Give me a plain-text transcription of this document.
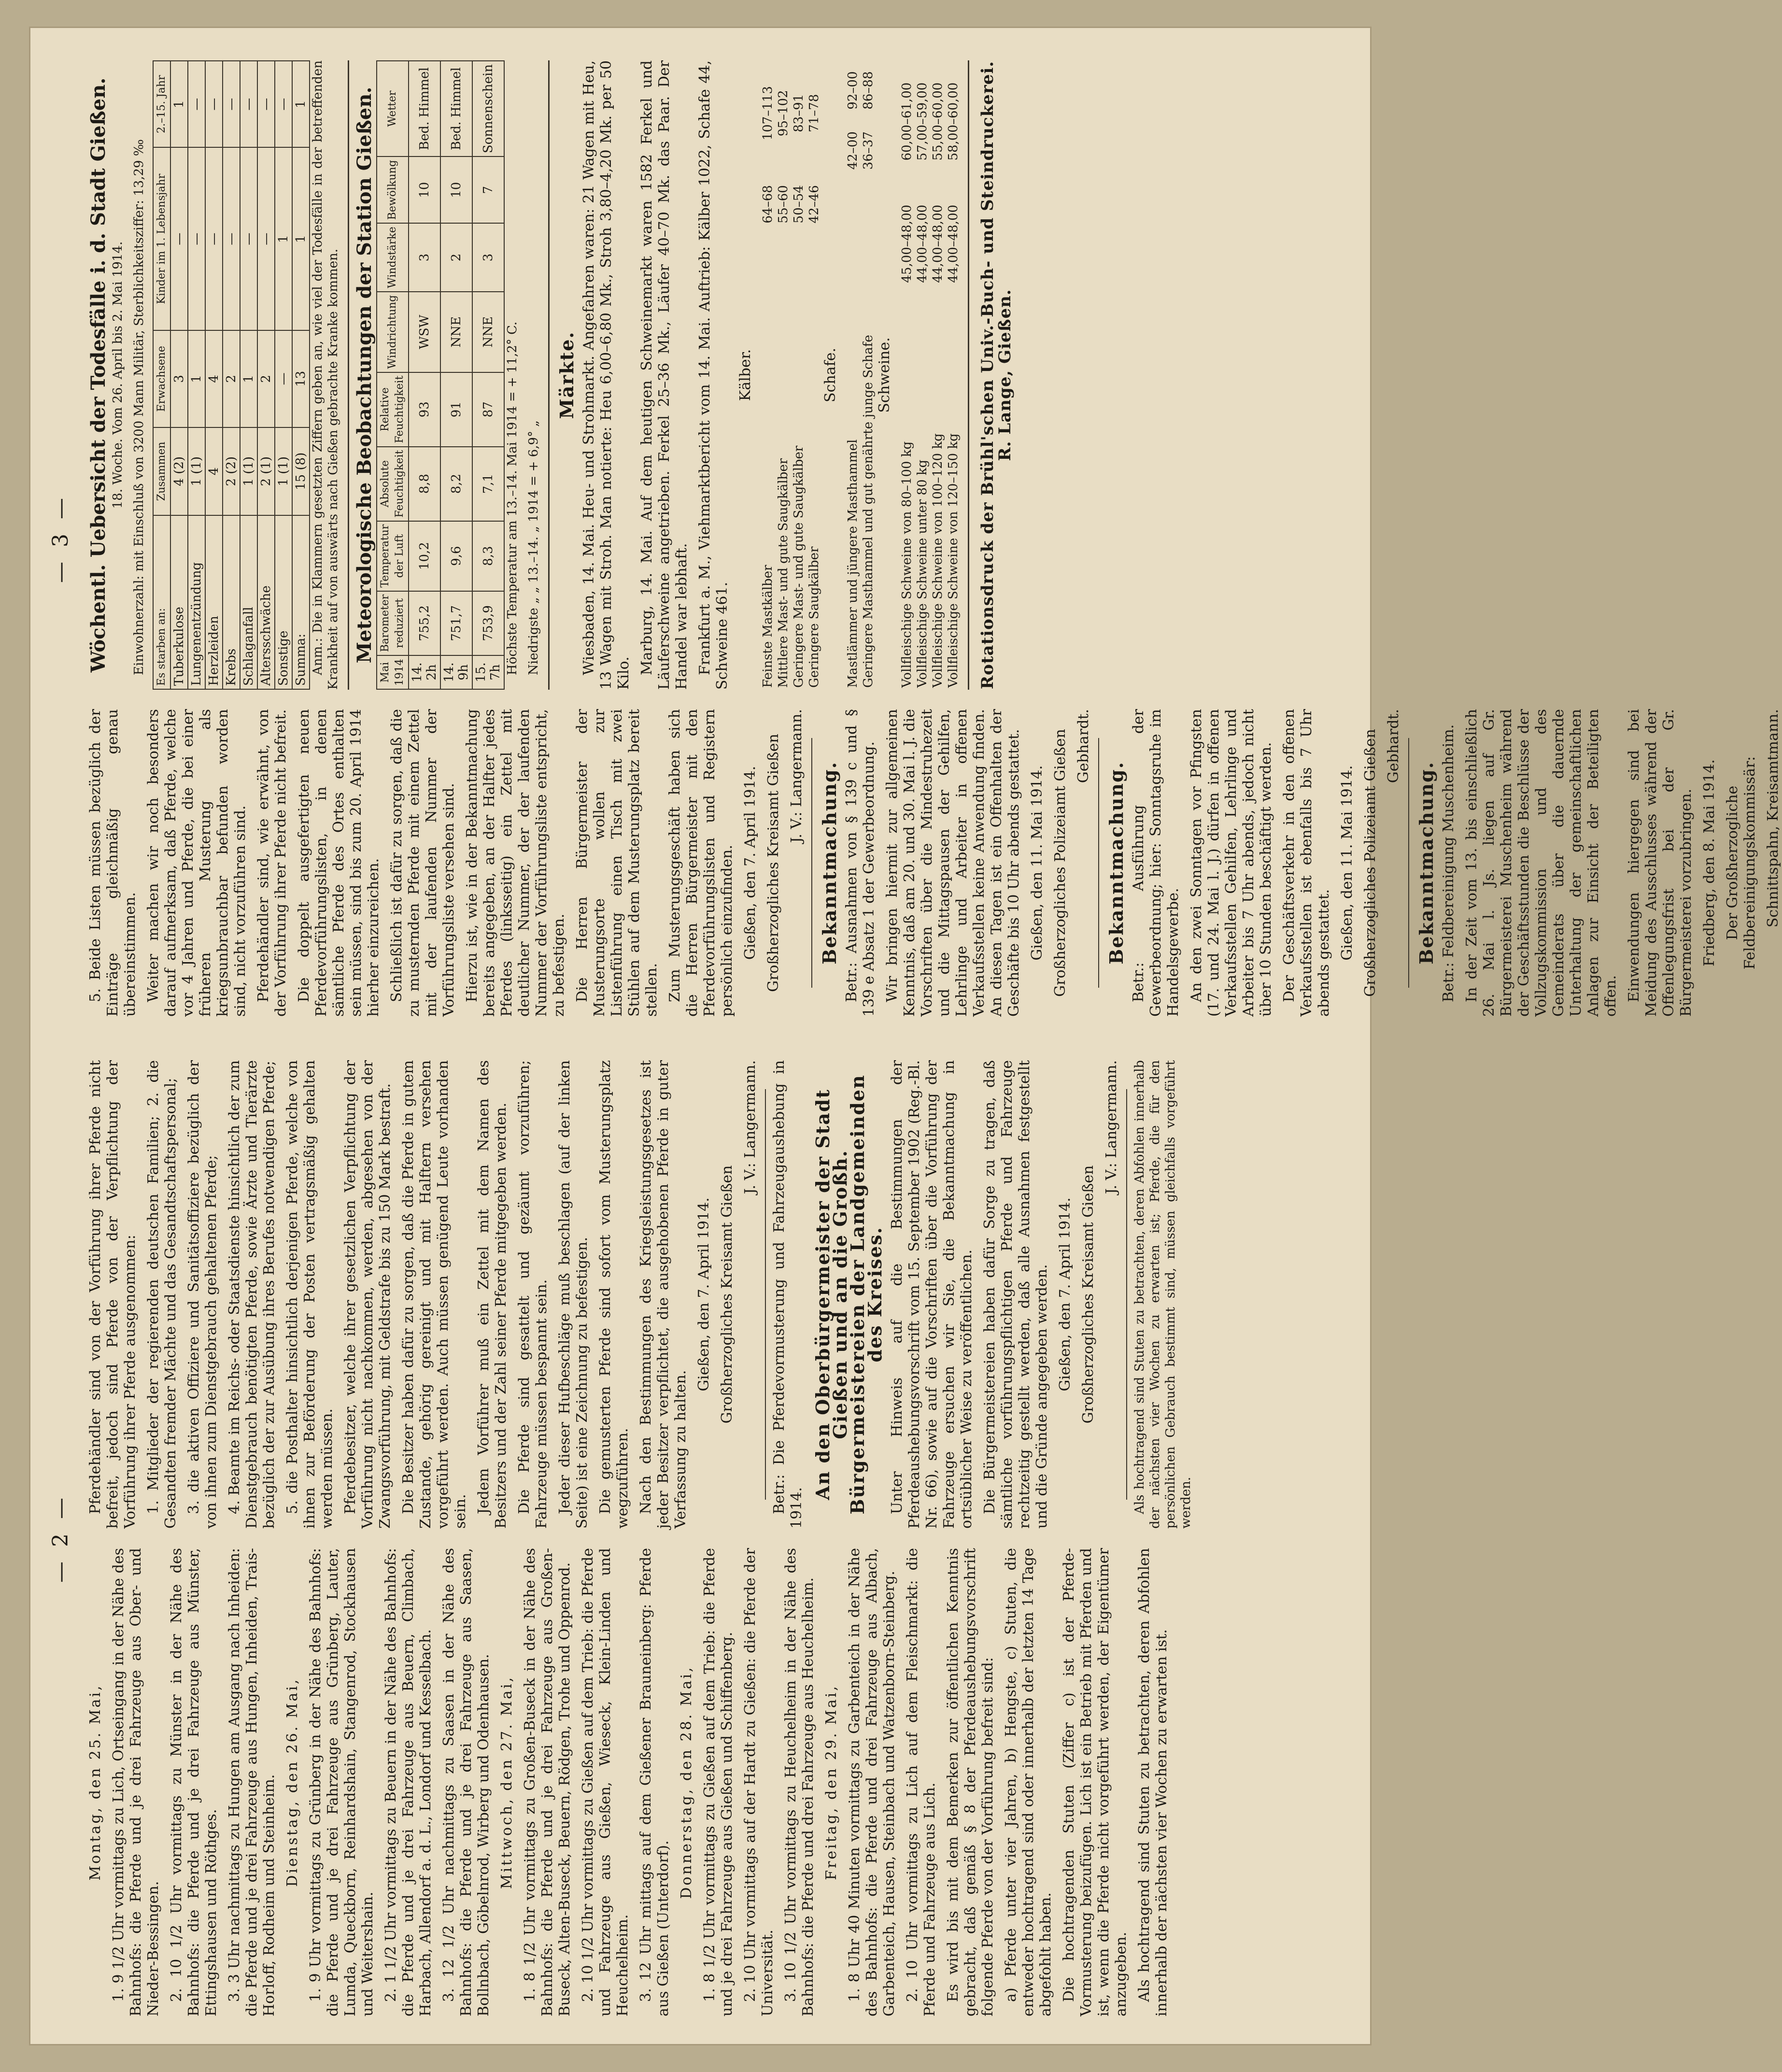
— 2 —

Montag, den 25. Mai, 1. 9 1/2 Uhr vormittags zu Lich, Ortseingang in der Nähe des Bahnhofs: die Pferde und je drei Fahrzeuge aus Ober- und Nieder-Bessingen. 2. 10 1/2 Uhr vormittags zu Münster in der Nähe des Bahnhofs: die Pferde und je drei Fahrzeuge aus Münster, Ettingshausen und Röthges. 3. 3 Uhr nachmittags zu Hungen am Ausgang nach Inheiden: die Pferde und je drei Fahrzeuge aus Hungen, Inheiden, Trais-Horloff, Rodheim und Steinheim. Dienstag, den 26. Mai, 1. 9 Uhr vormittags zu Grünberg in der Nähe des Bahnhofs: die Pferde und je drei Fahrzeuge aus Grünberg, Lauter, Lumda, Queckborn, Reinhardshain, Stangenrod, Stockhausen und Weitershain. 2. 1 1/2 Uhr vormittags zu Beuern in der Nähe des Bahnhofs: die Pferde und je drei Fahrzeuge aus Beuern, Climbach, Harbach, Allendorf a. d. L., Londorf und Kesselbach. 3. 12 1/2 Uhr nachmittags zu Saasen in der Nähe des Bahnhofs: die Pferde und je drei Fahrzeuge aus Saasen, Bollnbach, Göbelnrod, Wirberg und Odenhausen. Mittwoch, den 27. Mai, 1. 8 1/2 Uhr vormittags zu Großen-Buseck in der Nähe des Bahnhofs: die Pferde und je drei Fahrzeuge aus Großen-Buseck, Alten-Buseck, Beuern, Rödgen, Trohe und Oppenrod. 2. 10 1/2 Uhr vormittags zu Gießen auf dem Trieb: die Pferde und Fahrzeuge aus Gießen, Wieseck, Klein-Linden und Heuchelheim. 3. 12 Uhr mittags auf dem Gießener Brauneinberg: Pferde aus Gießen (Unterdorf).

Donnerstag, den 28. Mai, 1. 8 1/2 Uhr vormittags zu Gießen auf dem Trieb: die Pferde und je drei Fahrzeuge aus Gießen und Schiffenberg. 2. 10 Uhr vormittags auf der Hardt zu Gießen: die Pferde der Universität. 3. 10 1/2 Uhr vormittags zu Heuchelheim in der Nähe des Bahnhofs: die Pferde und drei Fahrzeuge aus Heuchelheim. Freitag, den 29. Mai, 1. 8 Uhr 40 Minuten vormittags zu Garbenteich in der Nähe des Bahnhofs: die Pferde und drei Fahrzeuge aus Albach, Garbenteich, Hausen, Steinbach und Watzenborn-Steinberg. 2. 10 Uhr vormittags zu Lich auf dem Fleischmarkt: die Pferde und Fahrzeuge aus Lich. Es wird bis mit dem Bemerken zur öffentlichen Kenntnis gebracht, daß gemäß § 8 der Pferdeaushebungsvorschrift folgende Pferde von der Vorführung befreit sind: a) Pferde unter vier Jahren, b) Hengste, c) Stuten, die entweder hochtragend sind oder innerhalb der letzten 14 Tage abgefohlt haben. Die hochtragenden Stuten (Ziffer c) ist der Pferde-Vormusterung beizufügen. Lich ist ein Betrieb mit Pferden und ist, wenn die Pferde nicht vorgeführt werden, der Eigentümer anzugeben. Als hochtragend sind Stuten zu betrachten, deren Abfohlen innerhalb der nächsten vier Wochen zu erwarten ist.

Pferdehändler sind von der Vorführung ihrer Pferde nicht befreit, jedoch sind Pferde von der Verpflichtung der Vorführung ihrer Pferde ausgenommen: 1. Mitglieder der regierenden deutschen Familien; 2. die Gesandten fremder Mächte und das Gesandtschaftspersonal; 3. die aktiven Offiziere und Sanitätsoffiziere bezüglich der von ihnen zum Dienstgebrauch gehaltenen Pferde; 4. Beamte im Reichs- oder Staatsdienste hinsichtlich der zum Dienstgebrauch benötigten Pferde, sowie Ärzte und Tierärzte bezüglich der zur Ausübung ihres Berufes notwendigen Pferde; 5. die Posthalter hinsichtlich derjenigen Pferde, welche von ihnen zur Beförderung der Posten vertragsmäßig gehalten werden müssen. Pferdebesitzer, welche ihrer gesetzlichen Verpflichtung der Vorführung nicht nachkommen, werden, abgesehen von der Zwangsvorführung, mit Geldstrafe bis zu 150 Mark bestraft. Die Besitzer haben dafür zu sorgen, daß die Pferde in gutem Zustande, gehörig gereinigt und mit Halftern versehen vorgeführt werden. Auch müssen genügend Leute vorhanden sein. Jedem Vorführer muß ein Zettel mit dem Namen des Besitzers und der Zahl seiner Pferde mitgegeben werden. Die Pferde sind gesattelt und gezäumt vorzuführen; Fahrzeuge müssen bespannt sein. Jeder dieser Hufbeschläge muß beschlagen (auf der linken Seite) ist eine Zeichnung zu befestigen. Die gemusterten Pferde sind sofort vom Musterungsplatz wegzuführen. Nach den Bestimmungen des Kriegsleistungsgesetzes ist jeder Besitzer verpflichtet, die ausgehobenen Pferde in guter Verfassung zu halten.

Gießen, den 7. April 1914. Großherzogliches Kreisamt Gießen

J. V.: Langermann. Betr.: Die Pferdevormusterung und Fahrzeugaushebung in 1914.

An den Oberbürgermeister der Stadt Gießen und an die Großh. Bürgermeistereien der Landgemeinden des Kreises. Unter Hinweis auf die Bestimmungen der Pferdeaushebungsvorschrift vom 15. September 1902 (Reg.-Bl. Nr. 66), sowie auf die Vorschriften über die Vorführung der Fahrzeuge ersuchen wir Sie, die Bekanntmachung in ortsüblicher Weise zu veröffentlichen. Die Bürgermeistereien haben dafür Sorge zu tragen, daß sämtliche vorführungspflichtigen Pferde und Fahrzeuge rechtzeitig gestellt werden, daß alle Ausnahmen festgestellt und die Gründe angegeben werden. Gießen, den 7. April 1914. Großherzogliches Kreisamt Gießen

J. V.: Langermann. Als hochtragend sind Stuten zu betrachten, deren Abfohlen innerhalb der nächsten vier Wochen zu erwarten ist; Pferde, die für den persönlichen Gebrauch bestimmt sind, müssen gleichfalls vorgeführt werden.

— 3 —

5. Beide Listen müssen bezüglich der Einträge gleichmäßig genau übereinstimmen. Weiter machen wir noch besonders darauf aufmerksam, daß Pferde, welche vor 4 Jahren und Pferde, die bei einer früheren Musterung als kriegsunbrauchbar befunden worden sind, nicht vorzuführen sind. Pferdehändler sind, wie erwähnt, von der Vorführung ihrer Pferde nicht befreit. Die doppelt ausgefertigten neuen Pferdevorführungslisten, in denen sämtliche Pferde des Ortes enthalten sein müssen, sind bis zum 20. April 1914 hierher einzureichen. Schließlich ist dafür zu sorgen, daß die zu musternden Pferde mit einem Zettel mit der laufenden Nummer der Vorführungsliste versehen sind. Hierzu ist, wie in der Bekanntmachung bereits angegeben, an der Halfter jedes Pferdes (linksseitig) ein Zettel mit deutlicher Nummer, der der laufenden Nummer der Vorführungsliste entspricht, zu befestigen. Die Herren Bürgermeister der Musterungsorte wollen zur Listenführung einen Tisch mit zwei Stühlen auf dem Musterungsplatz bereit stellen. Zum Musterungsgeschäft haben sich die Herren Bürgermeister mit den Pferdevorführungslisten und Registern persönlich einzufinden. Gießen, den 7. April 1914. Großherzogliches Kreisamt Gießen J. V.: Langermann. Bekanntmachung. Betr.: Ausnahmen von § 139 c und § 139 e Absatz 1 der Gewerbeordnung. Wir bringen hiermit zur allgemeinen Kenntnis, daß am 20. und 30. Mai l. J. die Vorschriften über die Mindestruhezeit und die Mittagspausen der Gehilfen, Lehrlinge und Arbeiter in offenen Verkaufsstellen keine Anwendung finden. An diesen Tagen ist ein Offenhalten der Geschäfte bis 10 Uhr abends gestattet. Gießen, den 11. Mai 1914. Großherzogliches Polizeiamt Gießen Gebhardt.

Bekanntmachung. Betr.: Ausführung der Gewerbeordnung; hier: Sonntagsruhe im Handelsgewerbe. An den zwei Sonntagen vor Pfingsten (17. und 24. Mai l. J.) dürfen in offenen Verkaufsstellen Gehilfen, Lehrlinge und Arbeiter bis 7 Uhr abends, jedoch nicht über 10 Stunden beschäftigt werden. Der Geschäftsverkehr in den offenen Verkaufsstellen ist ebenfalls bis 7 Uhr abends gestattet. Gießen, den 11. Mai 1914. Großherzogliches Polizeiamt Gießen Gebhardt.

Bekanntmachung. Betr.: Feldbereinigung Muschenheim. In der Zeit vom 13. bis einschließlich 26. Mai l. Js. liegen auf Gr. Bürgermeisterei Muschenheim während der Geschäftsstunden die Beschlüsse der Vollzugskommission und des Gemeinderats über die dauernde Unterhaltung der gemeinschaftlichen Anlagen zur Einsicht der Beteiligten offen. Einwendungen hiergegen sind bei Meidung des Ausschlusses während der Offenlegungsfrist bei der Gr. Bürgermeisterei vorzubringen. Friedberg, den 8. Mai 1914. Der Großherzogliche Feldbereinigungskommissär: Schnittspahn, Kreisamtmann.

Wöchentl. Uebersicht der Todesfälle i. d. Stadt Gießen. 18. Woche. Vom 26. April bis 2. Mai 1914. Einwohnerzahl: mit Einschluß von 3200 Mann Militär, Sterblichkeitsziffer: 13,29 ‰ Es starben an:	Zusammen	Erwachsene	Kinder im 1. Lebensjahr	2.–15. Jahr
Tuberkulose	4 (2)	3	—	1
Lungenentzündung	1 (1)	1	—	—
Herzleiden	4	4	—	—
Krebs	2 (2)	2	—	—
Schlaganfall	1 (1)	1	—	—
Altersschwäche	2 (1)	2	—	—
Sonstige	1 (1)	—	1	—
Summa:	15 (8)	13	1	1 Anm.: Die in Klammern gesetzten Ziffern geben an, wie viel der Todesfälle in der betreffenden Krankheit auf von auswärts nach Gießen gebrachte Kranke kommen. Meteorologische Beobachtungen der Station Gießen.
Mai 1914	Barometer reduziert	Temperatur der Luft	Absolute Feuchtigkeit	Relative Feuchtigkeit	Windrichtung	Windstärke	Bewölkung	Wetter
14. 2h	755,2	10,2	8,8	93	WSW	3	10	Bed. Himmel
14. 9h	751,7	9,6	8,2	91	NNE	2	10	Bed. Himmel
15. 7h	753,9	8,3	7,1	87	NNE	3	7	Sonnenschein

Höchste Temperatur am 13.–14. Mai 1914 = + 11,2° C. Niedrigste „ „ 13.–14. „ 1914 = + 6,9° „

Märkte. Wiesbaden, 14. Mai. Heu- und Strohmarkt. Angefahren waren: 21 Wagen mit Heu, 13 Wagen mit Stroh. Man notierte: Heu 6,00–6,80 Mk., Stroh 3,80–4,20 Mk. per 50 Kilo. Marburg, 14. Mai. Auf dem heutigen Schweinemarkt waren 1582 Ferkel und Läuferschweine angetrieben. Ferkel 25–36 Mk., Läufer 40–70 Mk. das Paar. Der Handel war lebhaft. Frankfurt a. M., Viehmarktbericht vom 14. Mai. Auftrieb: Kälber 1022, Schafe 44, Schweine 461.

Kälber.

Feinste Mastkälber	64–68	107–113
Mittlere Mast- und gute Saugkälber	55–60	95–102
Geringere Mast- und gute Saugkälber	50–54	83–91
Geringere Saugkälber	42–46	71–78

Schafe.

Mastlämmer und jüngere Masthammel	42–00	92–00
Geringere Masthammel und gut genährte junge Schafe	36–37	86–88

Schweine.

Vollfleischige Schweine von 80–100 kg	45,00–48,00	60,00–61,00
Vollfleischige Schweine unter 80 kg	44,00–48,00	57,00–59,00
Vollfleischige Schweine von 100–120 kg	44,00–48,00	55,00–60,00
Vollfleischige Schweine von 120–150 kg	44,00–48,00	58,00–60,00 Rotationsdruck der Brühl'schen Univ.-Buch- und Steindruckerei. R. Lange, Gießen.
